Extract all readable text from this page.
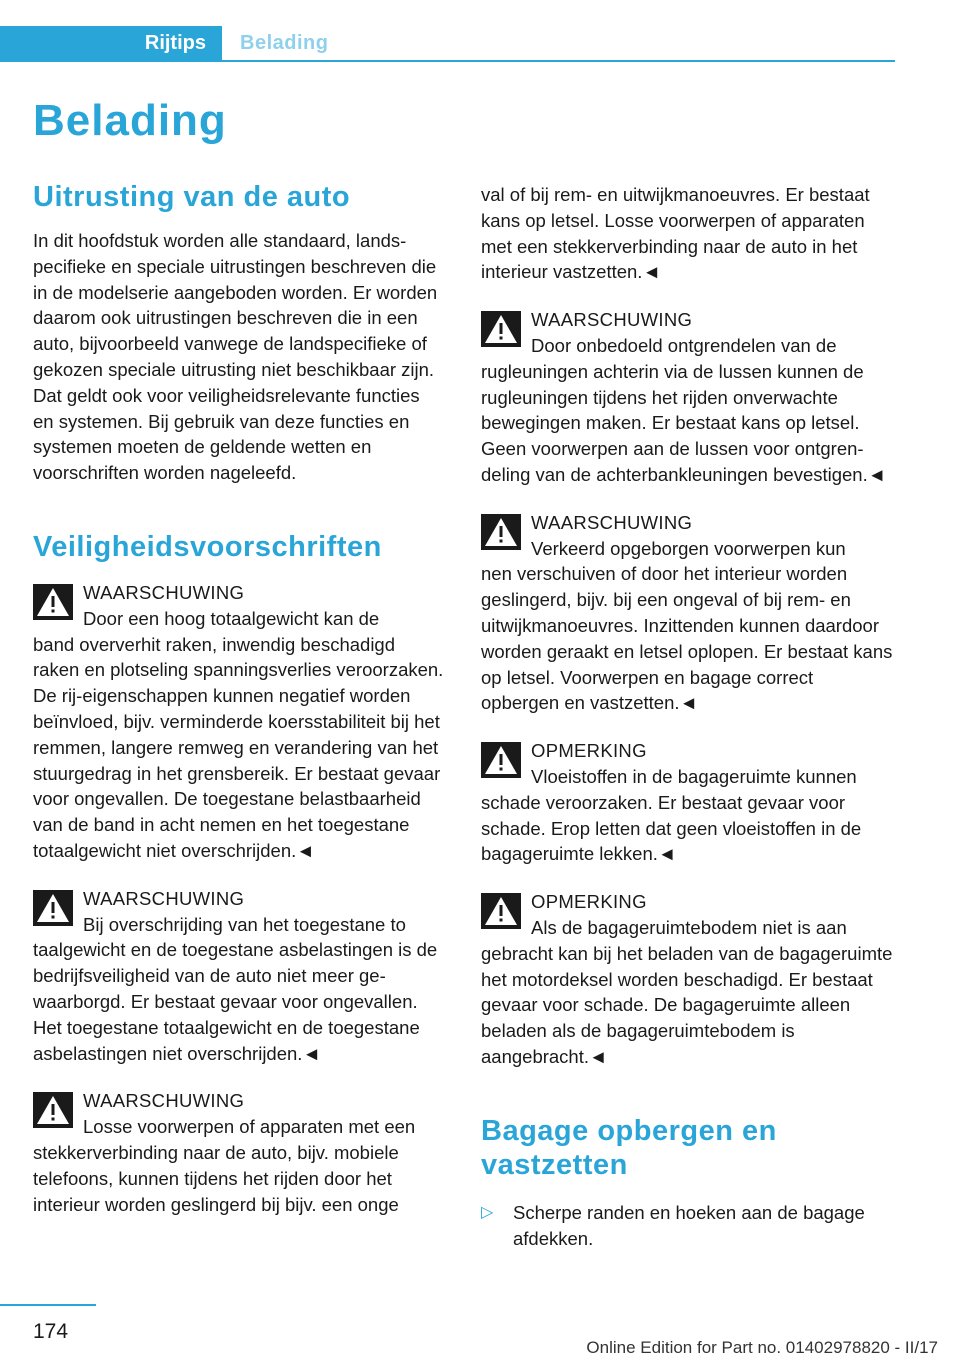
Rijtips	Belading
Belading
Uitrusting van de auto

In dit hoofdstuk worden alle standaard, landspecifieke en speciale uitrustingen beschreven die in de modelserie aangeboden worden. Er worden daarom ook uitrustingen beschreven die in een auto, bijvoorbeeld vanwege de landspecifieke of gekozen speciale uitrusting niet beschikbaar zijn. Dat geldt ook voor veiligheidsrelevante functies en systemen. Bij gebruik van deze functies en systemen moeten de geldende wetten en voorschriften worden nageleefd.

Veiligheidsvoorschriften
WAARSCHUWING
Door een hoog totaalgewicht kan de
band oververhit raken, inwendig beschadigd raken en plotseling spanningsverlies veroorzaken. De rij-eigenschappen kunnen negatief worden beïnvloed, bijv. verminderde koersstabiliteit bij het remmen, langere remweg en verandering van het stuurgedrag in het grensbereik. Er bestaat gevaar voor ongevallen. De toegestane belastbaarheid van de band in acht nemen en het toegestane totaalgewicht niet overschrijden.◄
WAARSCHUWING
Bij overschrijding van het toegestane to
taalgewicht en de toegestane asbelastingen is de bedrijfsveiligheid van de auto niet meer gewaarborgd. Er bestaat gevaar voor ongevallen. Het toegestane totaalgewicht en de toegestane asbelastingen niet overschrijden.◄
WAARSCHUWING
Losse voorwerpen of apparaten met een
stekkerverbinding naar de auto, bijv. mobiele telefoons, kunnen tijdens het rijden door het interieur worden geslingerd bij bijv. een onge

val of bij rem- en uitwijkmanoeuvres. Er bestaat kans op letsel. Losse voorwerpen of apparaten met een stekkerverbinding naar de auto in het interieur vastzetten.◄

WAARSCHUWING
Door onbedoeld ontgrendelen van de
rugleuningen achterin via de lussen kunnen de rugleuningen tijdens het rijden onverwachte bewegingen maken. Er bestaat kans op letsel. Geen voorwerpen aan de lussen voor ontgrendeling van de achterbankleuningen bevestigen.◄
WAARSCHUWING
Verkeerd opgeborgen voorwerpen kun
nen verschuiven of door het interieur worden geslingerd, bijv. bij een ongeval of bij rem- en uitwijkmanoeuvres. Inzittenden kunnen daardoor worden geraakt en letsel oplopen. Er bestaat kans op letsel. Voorwerpen en bagage correct opbergen en vastzetten.◄
OPMERKING
Vloeistoffen in de bagageruimte kunnen
schade veroorzaken. Er bestaat gevaar voor schade. Erop letten dat geen vloeistoffen in de bagageruimte lekken.◄
OPMERKING
Als de bagageruimtebodem niet is aan
gebracht kan bij het beladen van de bagageruimte het motordeksel worden beschadigd. Er bestaat gevaar voor schade. De bagageruimte alleen beladen als de bagageruimtebodem is aangebracht.◄
Bagage opbergen en vastzetten
▷ Scherpe randen en hoeken aan de bagage afdekken.
174
Online Edition for Part no. 01402978820 - II/17
